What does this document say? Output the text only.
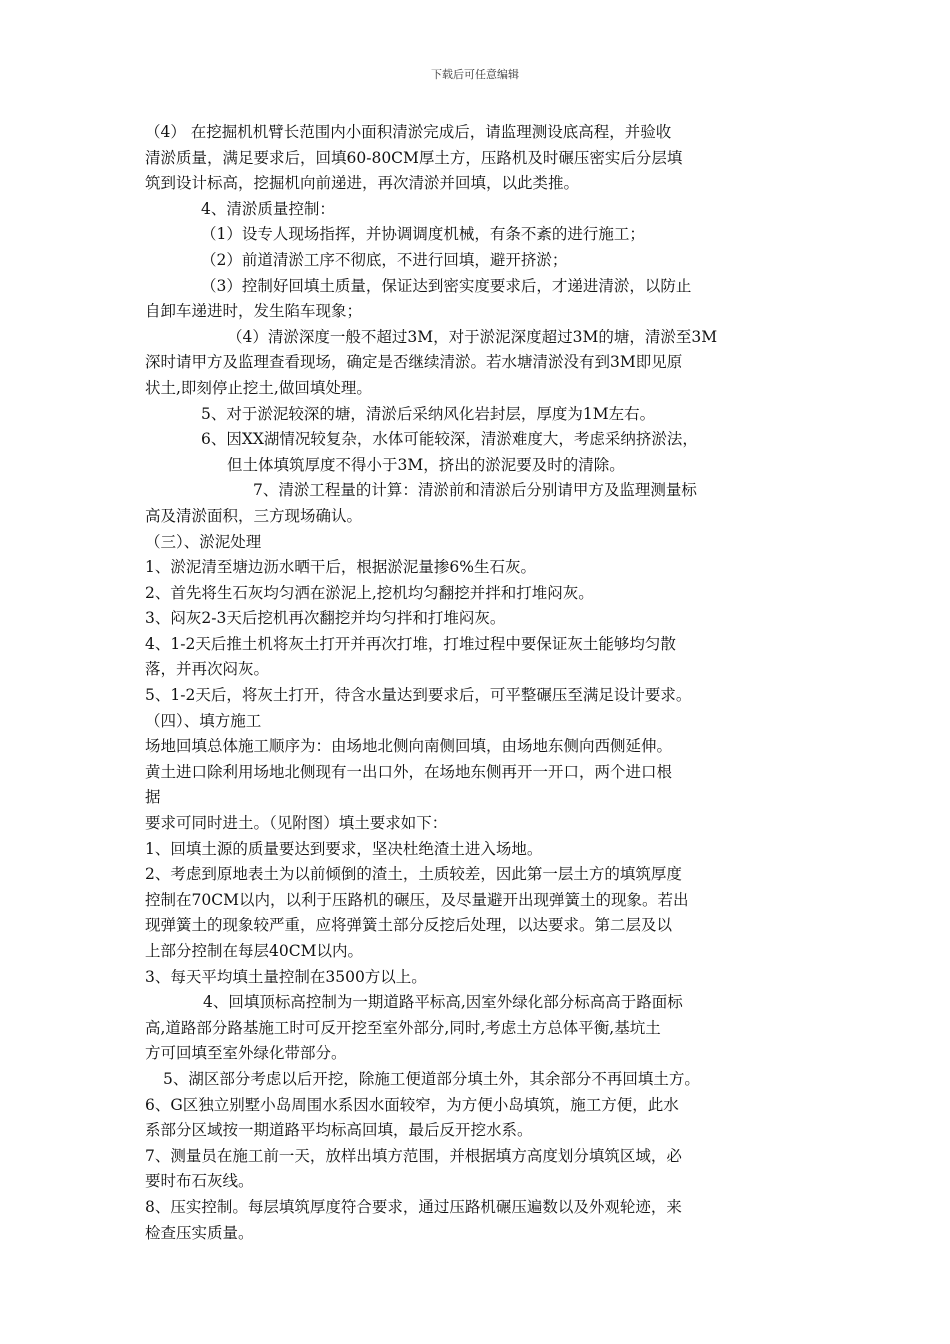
下载后可任意编辑

（4） 在挖掘机机臂长范围内小面积清淤完成后，请监理测设底高程，并验收

清淤质量，满足要求后，回填60-80CM厚土方，压路机及时碾压密实后分层填

筑到设计标高，挖掘机向前递进，再次清淤并回填，以此类推。

4、清淤质量控制：

（1）设专人现场指挥，并协调调度机械，有条不紊的进行施工；

（2）前道清淤工序不彻底，不进行回填，避开挤淤；

（3）控制好回填土质量，保证达到密实度要求后，才递进清淤，以防止

自卸车递进时，发生陷车现象；

（4）清淤深度一般不超过3M，对于淤泥深度超过3M的塘，清淤至3M

深时请甲方及监理查看现场，确定是否继续清淤。若水塘清淤没有到3M即见原

状土,即刻停止挖土,做回填处理。

5、对于淤泥较深的塘，清淤后采纳风化岩封层，厚度为1M左右。

6、因XX湖情况较复杂，水体可能较深，清淤难度大，考虑采纳挤淤法，

但土体填筑厚度不得小于3M，挤出的淤泥要及时的清除。

7、清淤工程量的计算：清淤前和清淤后分别请甲方及监理测量标

高及清淤面积，三方现场确认。

（三）、淤泥处理

1、淤泥清至塘边沥水晒干后，根据淤泥量掺6%生石灰。

2、首先将生石灰均匀洒在淤泥上,挖机均匀翻挖并拌和打堆闷灰。

3、闷灰2-3天后挖机再次翻挖并均匀拌和打堆闷灰。

4、1-2天后推土机将灰土打开并再次打堆，打堆过程中要保证灰土能够均匀散

落，并再次闷灰。

5、1-2天后，将灰土打开，待含水量达到要求后，可平整碾压至满足设计要求。

（四）、填方施工

场地回填总体施工顺序为：由场地北侧向南侧回填，由场地东侧向西侧延伸。

黄土进口除利用场地北侧现有一出口外，在场地东侧再开一开口，两个进口根

据

要求可同时进土。（见附图）填土要求如下：

1、回填土源的质量要达到要求，坚决杜绝渣土进入场地。

2、考虑到原地表土为以前倾倒的渣土，土质较差，因此第一层土方的填筑厚度

控制在70CM以内，以利于压路机的碾压，及尽量避开出现弹簧土的现象。若出

现弹簧土的现象较严重，应将弹簧土部分反挖后处理，以达要求。第二层及以

上部分控制在每层40CM以内。

3、每天平均填土量控制在3500方以上。

4、回填顶标高控制为一期道路平标高,因室外绿化部分标高高于路面标

高,道路部分路基施工时可反开挖至室外部分,同时,考虑土方总体平衡,基坑土

方可回填至室外绿化带部分。

5、湖区部分考虑以后开挖，除施工便道部分填土外，其余部分不再回填土方。

6、G区独立别墅小岛周围水系因水面较窄，为方便小岛填筑，施工方便，此水

系部分区域按一期道路平均标高回填，最后反开挖水系。

7、测量员在施工前一天，放样出填方范围，并根据填方高度划分填筑区域，必

要时布石灰线。

8、压实控制。每层填筑厚度符合要求，通过压路机碾压遍数以及外观轮迹，来

检查压实质量。
